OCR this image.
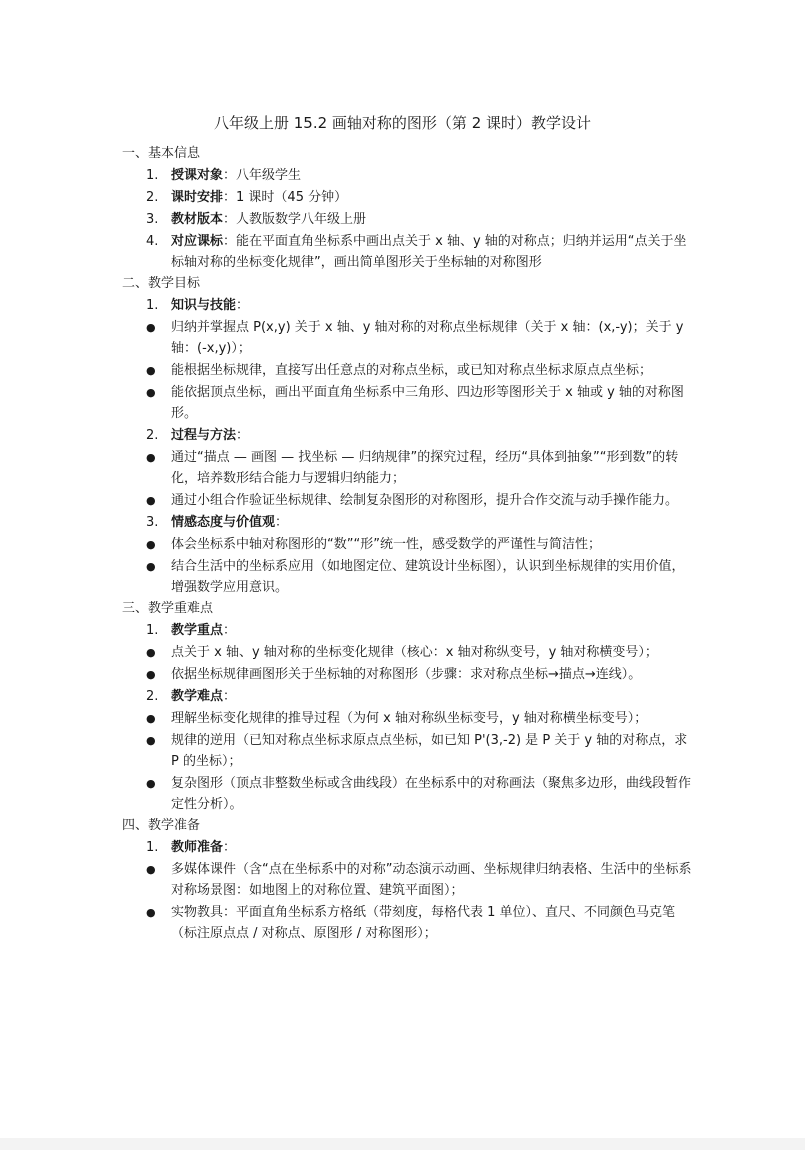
八年级上册 15.2 画轴对称的图形（第 2 课时）教学设计
一、基本信息
1. 授课对象：八年级学生
2. 课时安排：1 课时（45 分钟）
3. 教材版本：人教版数学八年级上册
4. 对应课标：能在平面直角坐标系中画出点关于 x 轴、y 轴的对称点；归纳并运用“点关于坐标轴对称的坐标变化规律”，画出简单图形关于坐标轴的对称图形
二、教学目标
1. 知识与技能：
●	归纳并掌握点 P(x,y) 关于 x 轴、y 轴对称的对称点坐标规律（关于 x 轴：(x,-y)；关于 y 轴：(-x,y)）；
●	能根据坐标规律，直接写出任意点的对称点坐标，或已知对称点坐标求原点点坐标；
●	能依据顶点坐标，画出平面直角坐标系中三角形、四边形等图形关于 x 轴或 y 轴的对称图形。
2. 过程与方法：
●	通过“描点 — 画图 — 找坐标 — 归纳规律”的探究过程，经历“具体到抽象”“形到数”的转化，培养数形结合能力与逻辑归纳能力；
●	通过小组合作验证坐标规律、绘制复杂图形的对称图形，提升合作交流与动手操作能力。
3. 情感态度与价值观：
●	体会坐标系中轴对称图形的“数”“形”统一性，感受数学的严谨性与简洁性；
●	结合生活中的坐标系应用（如地图定位、建筑设计坐标图），认识到坐标规律的实用价值，增强数学应用意识。
三、教学重难点
1. 教学重点：
●	点关于 x 轴、y 轴对称的坐标变化规律（核心：x 轴对称纵变号，y 轴对称横变号）；
●	依据坐标规律画图形关于坐标轴的对称图形（步骤：求对称点坐标→描点→连线）。
2. 教学难点：
●	理解坐标变化规律的推导过程（为何 x 轴对称纵坐标变号，y 轴对称横坐标变号）；
●	规律的逆用（已知对称点坐标求原点点坐标，如已知 P'(3,-2) 是 P 关于 y 轴的对称点，求 P 的坐标）；
●	复杂图形（顶点非整数坐标或含曲线段）在坐标系中的对称画法（聚焦多边形，曲线段暂作定性分析）。
四、教学准备
1. 教师准备：
●	多媒体课件（含“点在坐标系中的对称”动态演示动画、坐标规律归纳表格、生活中的坐标系对称场景图：如地图上的对称位置、建筑平面图）；
●	实物教具：平面直角坐标系方格纸（带刻度，每格代表 1 单位）、直尺、不同颜色马克笔（标注原点点 / 对称点、原图形 / 对称图形）；
